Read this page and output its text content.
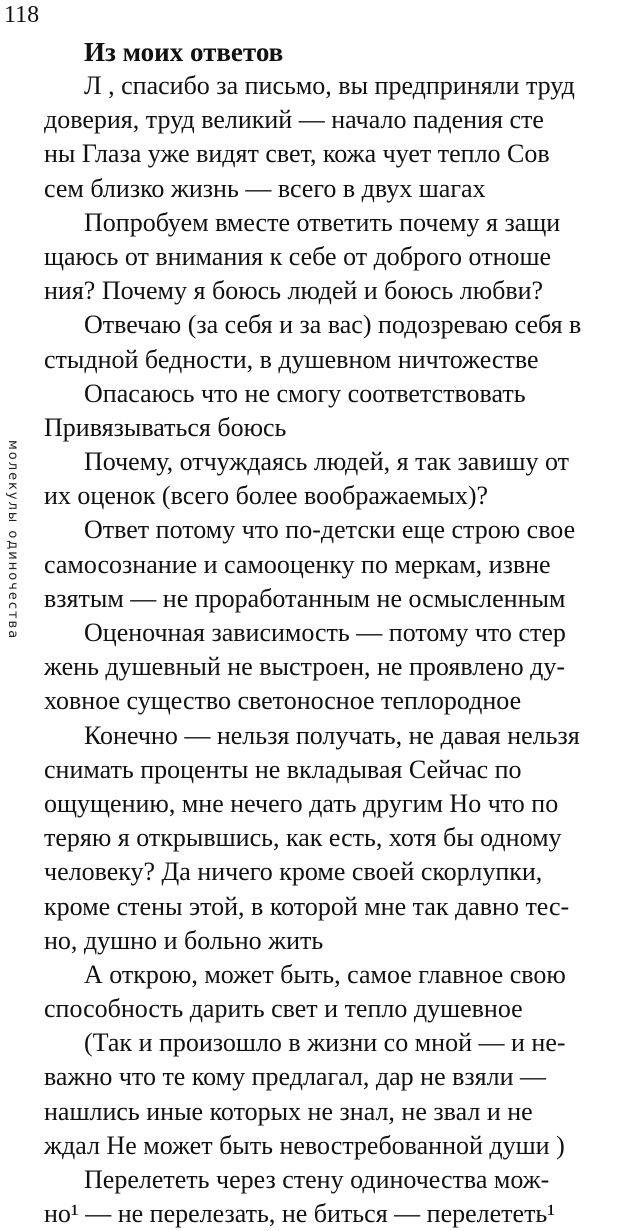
118
молекулы одиночества
Из моих ответов
Л , спасибо за письмо, вы предприняли труд
доверия, труд великий — начало падения сте
ны Глаза уже видят свет, кожа чует тепло Сов
сем близко жизнь — всего в двух шагах
Попробуем вместе ответить почему я защи
щаюсь от внимания к себе от доброго отноше
ния? Почему я боюсь людей и боюсь любви?
Отвечаю (за себя и за вас) подозреваю себя в
стыдной бедности, в душевном ничтожестве
Опасаюсь что не смогу соответствовать
Привязываться боюсь
Почему, отчуждаясь людей, я так завишу от
их оценок (всего более воображаемых)?
Ответ потому что по-детски еще строю свое
самосознание и самооценку по меркам, извне
взятым — не проработанным не осмысленным
Оценочная зависимость — потому что стер
жень душевный не выстроен, не проявлено ду-
ховное существо светоносное теплородное
Конечно — нельзя получать, не давая нельзя
снимать проценты не вкладывая Сейчас по
ощущению, мне нечего дать другим Но что по
теряю я открывшись, как есть, хотя бы одному
человеку? Да ничего кроме своей скорлупки,
кроме стены этой, в которой мне так давно тес-
но, душно и больно жить
А открою, может быть, самое главное свою
способность дарить свет и тепло душевное
(Так и произошло в жизни со мной — и не-
важно что те кому предлагал, дар не взяли —
нашлись иные которых не знал, не звал и не
ждал Не может быть невостребованной души )
Перелететь через стену одиночества мож-
но¹ — не перелезать, не биться — перелететь¹
